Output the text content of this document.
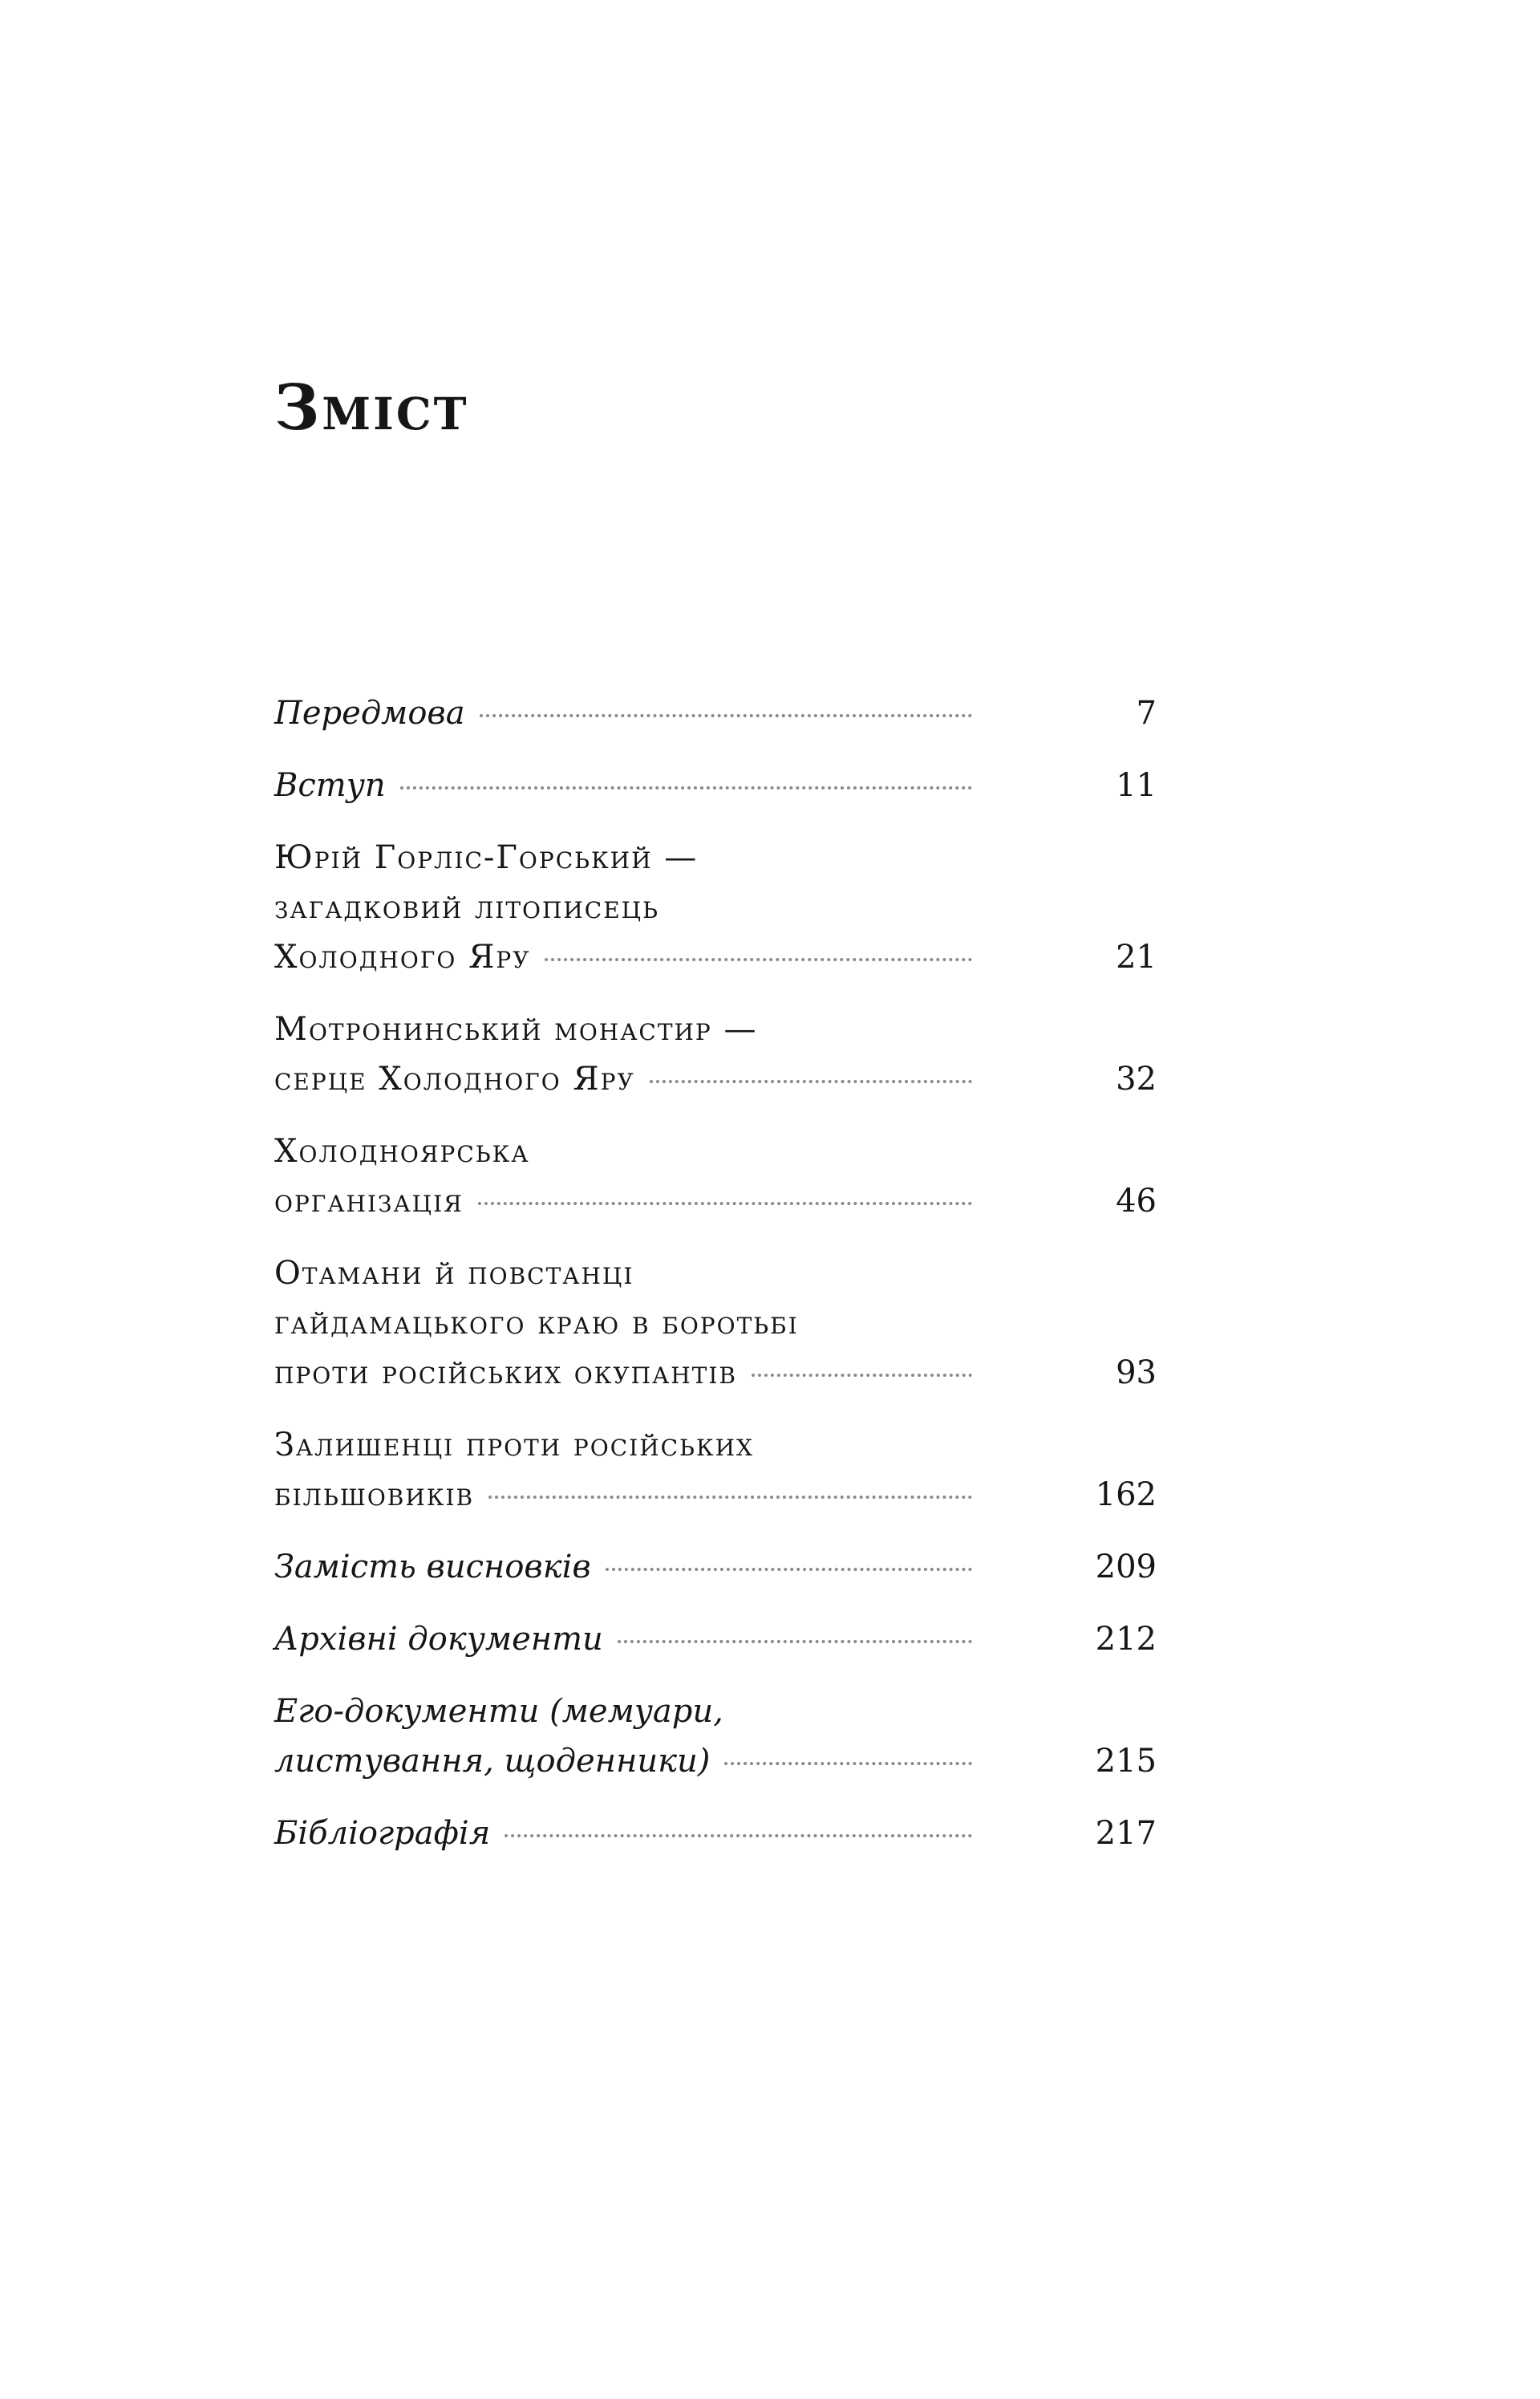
Зміст
Передмова	7
Вступ	11
Юрій Горліс-Горський —
загадковий літописець
Холодного Яру	21
Мотронинський монастир —
серце Холодного Яру	32
Холодноярська
організація	46
Отамани й повстанці
гайдамацького краю в боротьбі
проти російських окупантів	93
Залишенці проти російських
більшовиків	162
Замість висновків	209
Архівні документи	212
Его-документи (мемуари,
листування, щоденники)	215
Бібліографія	217
